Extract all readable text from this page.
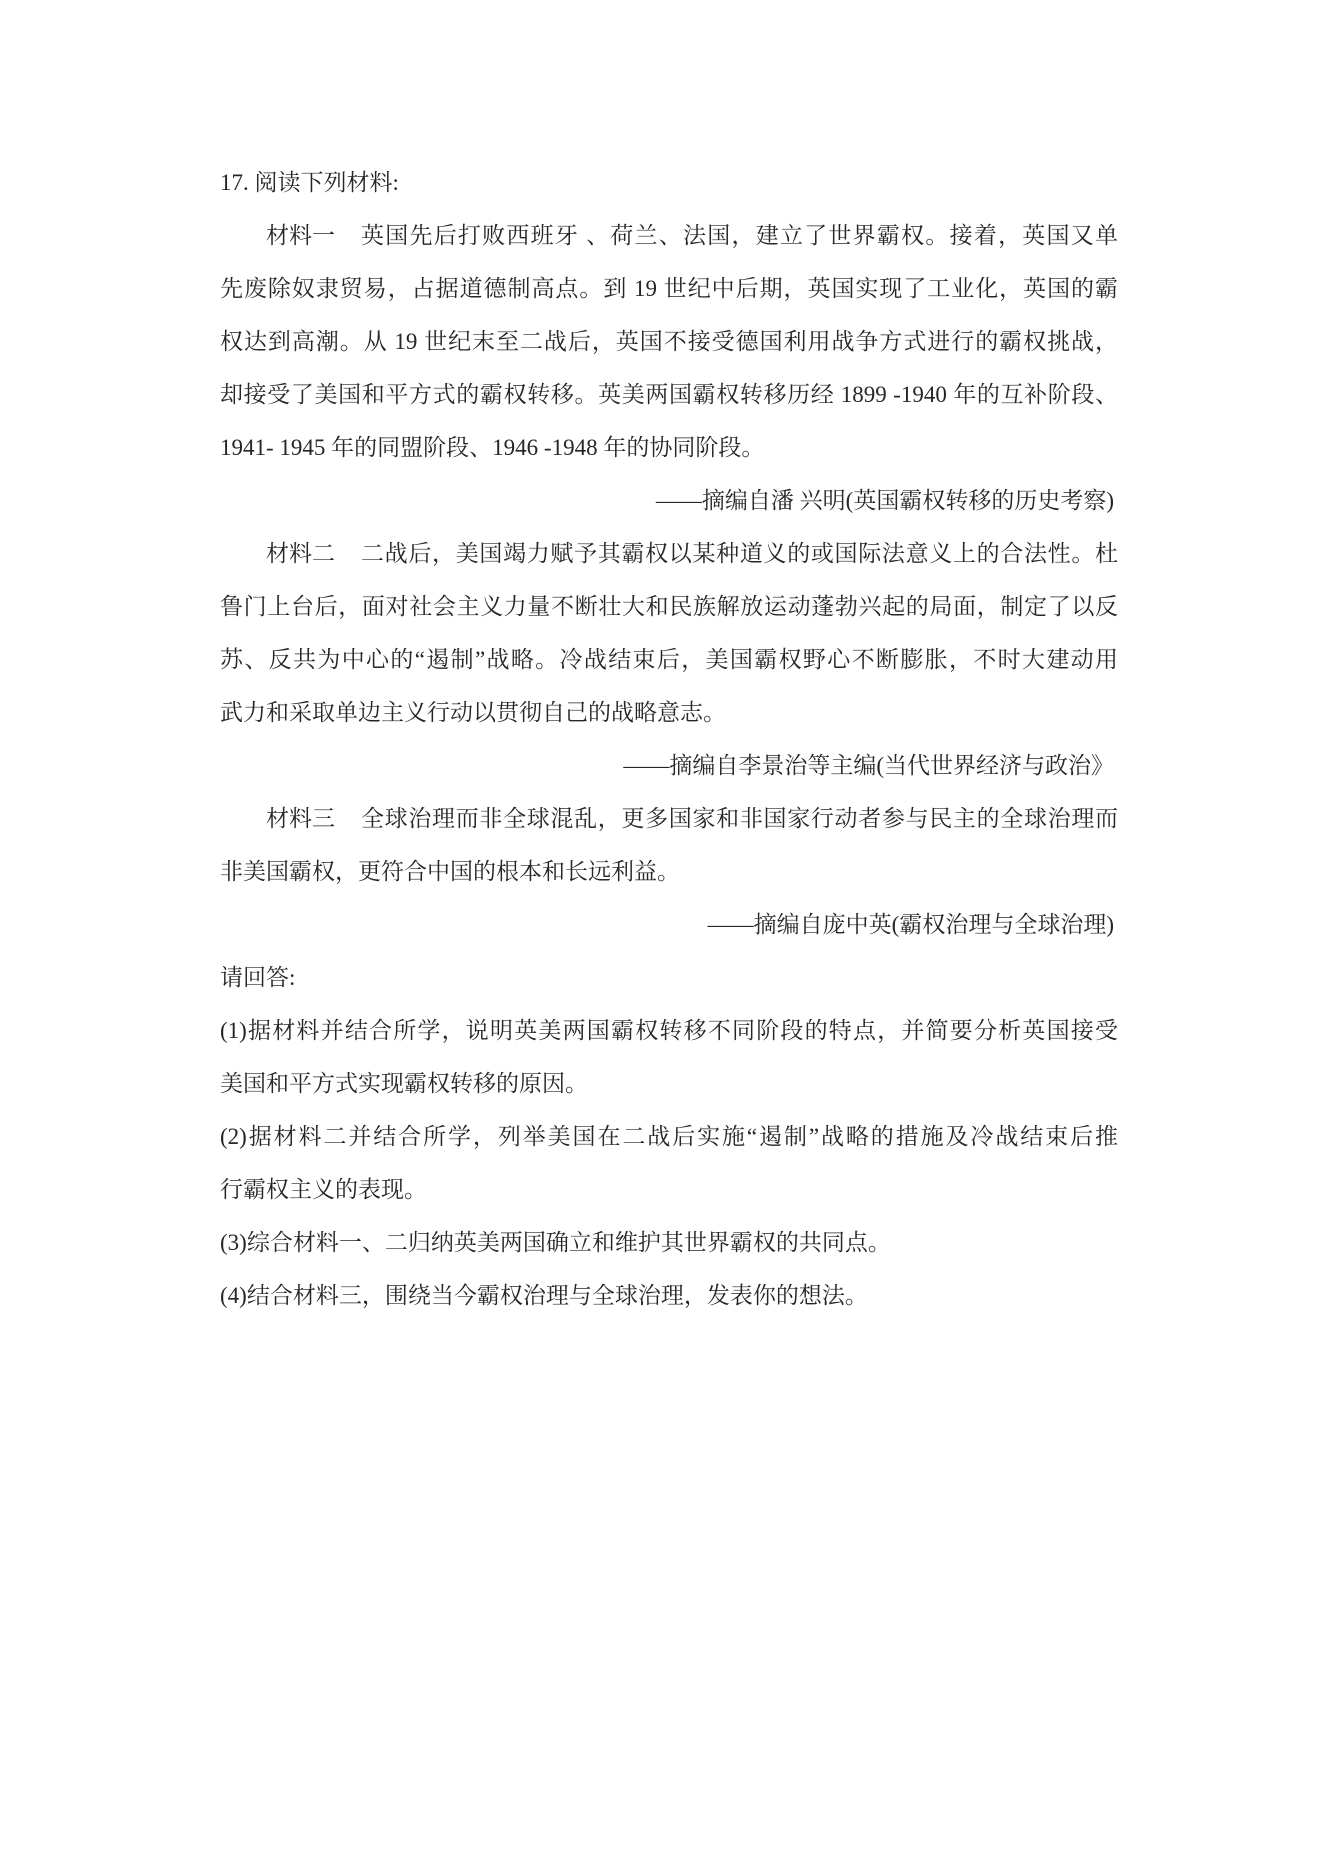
17. 阅读下列材料:
材料一 英国先后打败西班牙 、荷兰、法国，建立了世界霸权。接着，英国又单
先废除奴隶贸易，占据道德制高点。到 19 世纪中后期，英国实现了工业化，英国的霸
权达到高潮。从 19 世纪末至二战后，英国不接受德国利用战争方式进行的霸权挑战，
却接受了美国和平方式的霸权转移。英美两国霸权转移历经 1899 -1940 年的互补阶段、
1941- 1945 年的同盟阶段、1946 -1948 年的协同阶段。
——摘编自潘 兴明(英国霸权转移的历史考察)
材料二 二战后，美国竭力赋予其霸权以某种道义的或国际法意义上的合法性。杜
鲁门上台后，面对社会主义力量不断壮大和民族解放运动蓬勃兴起的局面，制定了以反
苏、反共为中心的“遏制”战略。冷战结束后，美国霸权野心不断膨胀，不时大建动用
武力和采取单边主义行动以贯彻自己的战略意志。
——摘编自李景治等主编(当代世界经济与政治》
材料三 全球治理而非全球混乱，更多国家和非国家行动者参与民主的全球治理而
非美国霸权，更符合中国的根本和长远利益。
——摘编自庞中英(霸权治理与全球治理)
请回答:
(1)据材料并结合所学，说明英美两国霸权转移不同阶段的特点，并简要分析英国接受
美国和平方式实现霸权转移的原因。
(2)据材料二并结合所学，列举美国在二战后实施“遏制”战略的措施及冷战结束后推
行霸权主义的表现。
(3)综合材料一、二归纳英美两国确立和维护其世界霸权的共同点。
(4)结合材料三，围绕当今霸权治理与全球治理，发表你的想法。
